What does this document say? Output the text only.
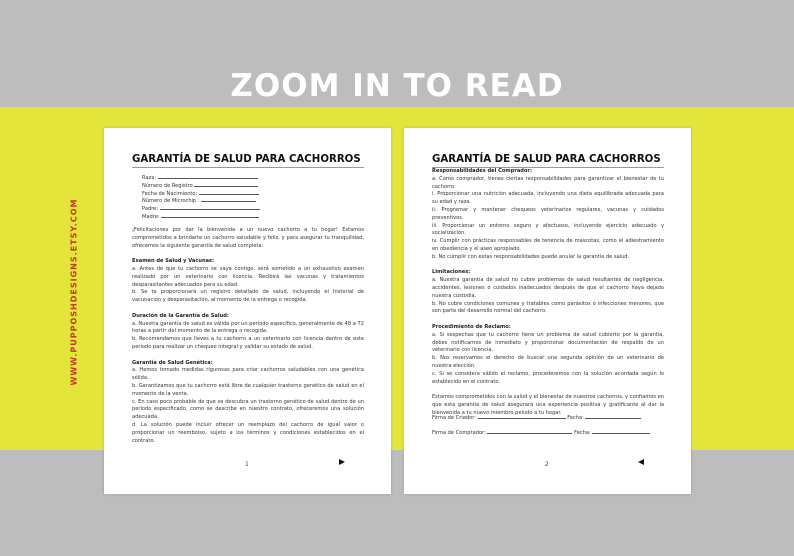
ZOOM IN TO READ
WWW.PUPPOSHDESIGNS.ETSY.COM
GARANTÍA DE SALUD PARA CACHORROS
Raza:
Número de Registro
Fecha de Nacimiento:
Número de Microchip :
Padre:
Madre:

¡Felicitaciones por dar la bienvenida a un nuevo cachorro a tu hogar! Estamos comprometidos a brindarte un cachorro saludable y feliz, y para asegurar tu tranquilidad, ofrecemos la siguiente garantía de salud completa:

Examen de Salud y Vacunas:

a. Antes de que tu cachorro se vaya contigo, será sometido a un exhaustivo examen realizado por un veterinario con licencia. Recibirá las vacunas y tratamientos desparasitantes adecuados para su edad.

b. Se te proporcionará un registro detallado de salud, incluyendo el historial de vacunación y desparasitación, al momento de la entrega o recogida.

Duración de la Garantía de Salud:

a. Nuestra garantía de salud es válida por un período específico, generalmente de 48 a 72 horas a partir del momento de la entrega o recogida.

b. Recomendamos que lleves a tu cachorro a un veterinario con licencia dentro de este período para realizar un chequeo integral y validar su estado de salud.

Garantía de Salud Genética:

a. Hemos tomado medidas rigurosas para criar cachorros saludables con una genética sólida.

b. Garantizamos que tu cachorro está libre de cualquier trastorno genético de salud en el momento de la venta.

c. En caso poco probable de que se descubra un trastorno genético de salud dentro de un período especificado, como se describe en nuestro contrato, ofreceremos una solución adecuada.

d. La solución puede incluir ofrecer un reemplazo del cachorro de igual valor o proporcionar un reembolso, sujeto a los términos y condiciones establecidos en el contrato.

1
GARANTÍA DE SALUD PARA CACHORROS

Responsabilidades del Comprador:

a. Como comprador, tienes ciertas responsabilidades para garantizar el bienestar de tu cachorro:

i. Proporcionar una nutrición adecuada, incluyendo una dieta equilibrada adecuada para su edad y raza.

ii. Programar y mantener chequeos veterinarios regulares, vacunas y cuidados preventivos.

iii. Proporcionar un entorno seguro y afectuoso, incluyendo ejercicio adecuado y socialización.

iv. Cumplir con prácticas responsables de tenencia de mascotas, como el adiestramiento en obediencia y el aseo apropiado.

b. No cumplir con estas responsabilidades puede anular la garantía de salud.

Limitaciones:

a. Nuestra garantía de salud no cubre problemas de salud resultantes de negligencia, accidentes, lesiones o cuidados inadecuados después de que el cachorro haya dejado nuestra custodia.

b. No cubre condiciones comunes y tratables como parásitos o infecciones menores, que son parte del desarrollo normal del cachorro.

Procedimiento de Reclamo:

a. Si sospechas que tu cachorro tiene un problema de salud cubierto por la garantía, debes notificarnos de inmediato y proporcionar documentación de respaldo de un veterinario con licencia.

b. Nos reservamos el derecho de buscar una segunda opinión de un veterinario de nuestra elección.

c. Si se considera válido el reclamo, procederemos con la solución acordada según lo establecido en el contrato.

Estamos comprometidos con la salud y el bienestar de nuestros cachorros, y confiamos en que esta garantía de salud asegurará una experiencia positiva y gratificante al dar la bienvenida a tu nuevo miembro peludo a tu hogar.

Firma de Criador:	Fecha:
Firma de Comprador:	Fecha:
2
